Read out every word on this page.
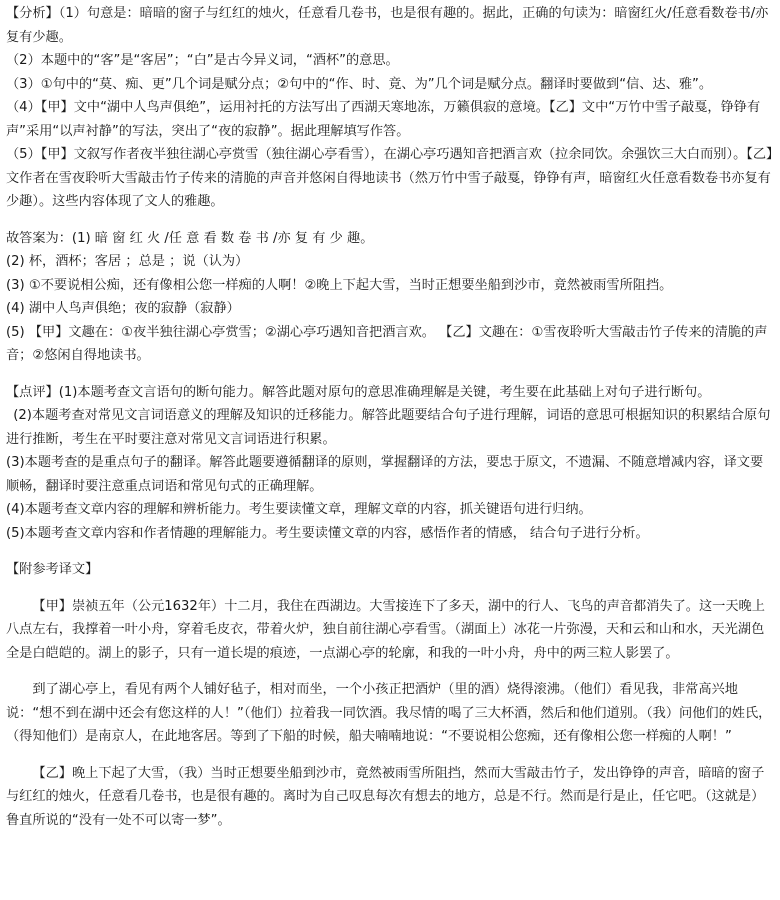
【分析】（1）句意是：暗暗的窗子与红红的烛火，任意看几卷书，也是很有趣的。据此，正确的句读为：暗窗红火/任意看数卷书/亦复有少趣。

（2）本题中的“客”是“客居”；“白”是古今异义词，“酒杯”的意思。

（3）①句中的“莫、痴、更”几个词是赋分点；②句中的“作、时、竟、为”几个词是赋分点。翻译时要做到“信、达、雅”。

（4）【甲】文中“湖中人鸟声俱绝”，运用衬托的方法写出了西湖天寒地冻，万籁俱寂的意境。【乙】文中“万竹中雪子敲戛，铮铮有声”采用“以声衬静”的写法，突出了“夜的寂静”。据此理解填写作答。

（5）【甲】文叙写作者夜半独往湖心亭赏雪（独往湖心亭看雪），在湖心亭巧遇知音把酒言欢（拉余同饮。余强饮三大白而别）。【乙】文作者在雪夜聆听大雪敲击竹子传来的清脆的声音并悠闲自得地读书（然万竹中雪子敲戛，铮铮有声，暗窗红火任意看数卷书亦复有少趣）。这些内容体现了文人的雅趣。

故答案为：(1) 暗 窗 红 火 /任 意 看 数 卷 书 /亦 复 有 少 趣。

(2) 杯，酒杯；客居 ；总是 ；说（认为）

(3) ①不要说相公痴，还有像相公您一样痴的人啊！②晚上下起大雪，当时正想要坐船到沙市，竟然被雨雪所阻挡。

(4) 湖中人鸟声俱绝；夜的寂静（寂静）

(5) 【甲】文趣在：①夜半独往湖心亭赏雪；②湖心亭巧遇知音把酒言欢。 【乙】文趣在：①雪夜聆听大雪敲击竹子传来的清脆的声音；②悠闲自得地读书。

【点评】(1)本题考查文言语句的断句能力。解答此题对原句的意思准确理解是关键，考生要在此基础上对句子进行断句。

(2)本题考查对常见文言词语意义的理解及知识的迁移能力。解答此题要结合句子进行理解，词语的意思可根据知识的积累结合原句进行推断，考生在平时要注意对常见文言词语进行积累。

(3)本题考查的是重点句子的翻译。解答此题要遵循翻译的原则，掌握翻译的方法，要忠于原文，不遗漏、不随意增减内容，译文要顺畅，翻译时要注意重点词语和常见句式的正确理解。

(4)本题考查文章内容的理解和辨析能力。考生要读懂文章，理解文章的内容，抓关键语句进行归纳。

(5)本题考查文章内容和作者情趣的理解能力。考生要读懂文章的内容，感悟作者的情感， 结合句子进行分析。

【附参考译文】

【甲】崇祯五年（公元1632年）十二月，我住在西湖边。大雪接连下了多天，湖中的行人、飞鸟的声音都消失了。这一天晚上八点左右，我撑着一叶小舟，穿着毛皮衣，带着火炉，独自前往湖心亭看雪。（湖面上）冰花一片弥漫，天和云和山和水，天光湖色全是白皑皑的。湖上的影子，只有一道长堤的痕迹，一点湖心亭的轮廓，和我的一叶小舟，舟中的两三粒人影罢了。

到了湖心亭上，看见有两个人铺好毡子，相对而坐，一个小孩正把酒炉（里的酒）烧得滚沸。（他们）看见我，非常高兴地说：“想不到在湖中还会有您这样的人！”（他们）拉着我一同饮酒。我尽情的喝了三大杯酒，然后和他们道别。（我）问他们的姓氏，（得知他们）是南京人，在此地客居。等到了下船的时候，船夫喃喃地说：“不要说相公您痴，还有像相公您一样痴的人啊！”

【乙】晚上下起了大雪，（我）当时正想要坐船到沙市，竟然被雨雪所阻挡，然而大雪敲击竹子，发出铮铮的声音，暗暗的窗子与红红的烛火，任意看几卷书，也是很有趣的。离时为自己叹息每次有想去的地方，总是不行。然而是行是止，任它吧。（这就是）鲁直所说的“没有一处不可以寄一梦”。
